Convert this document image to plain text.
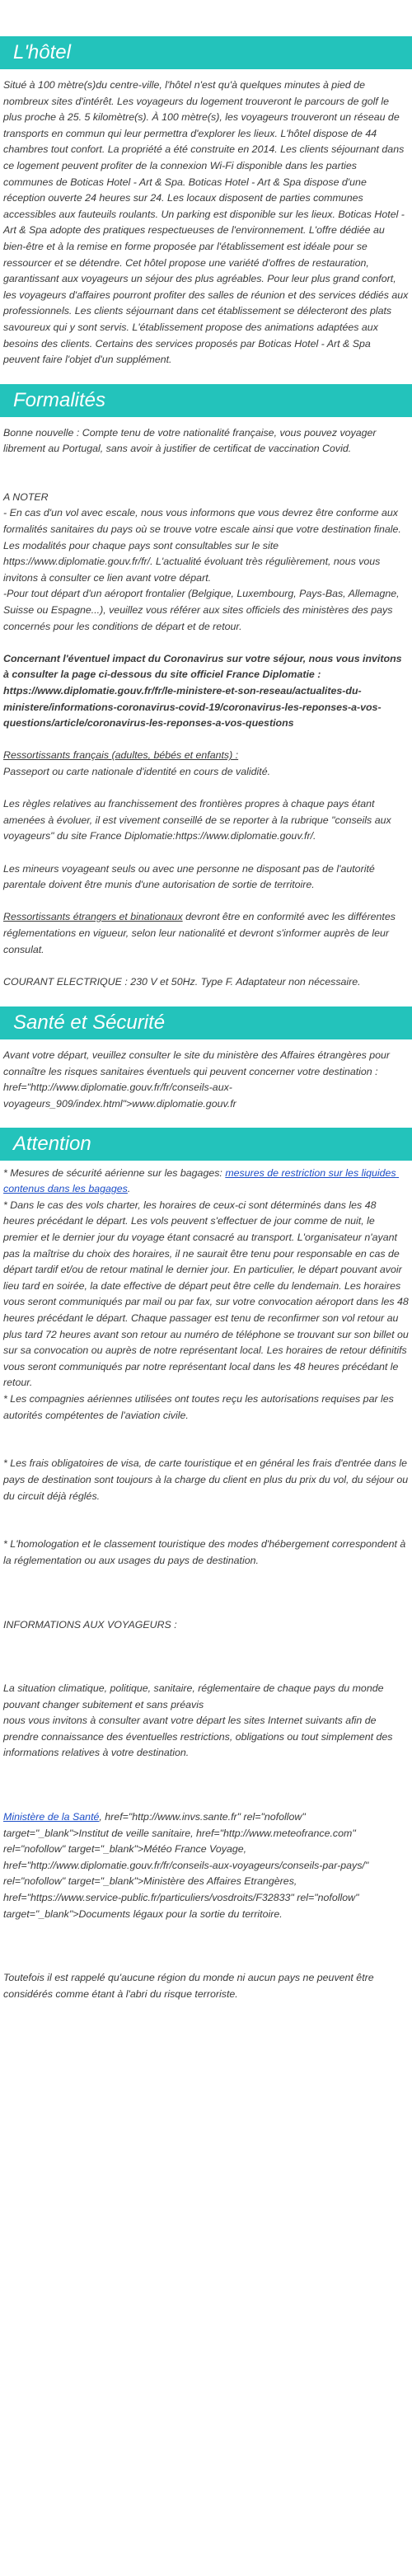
L'hôtel

Situé à 100 mètre(s)du centre-ville, l'hôtel n'est qu'à quelques minutes à pied de nombreux sites d'intérêt. Les voyageurs du logement trouveront le parcours de golf le plus proche à 25. 5 kilomètre(s). À 100 mètre(s), les voyageurs trouveront un réseau de transports en commun qui leur permettra d'explorer les lieux. L'hôtel dispose de 44 chambres tout confort. La propriété a été construite en 2014. Les clients séjournant dans ce logement peuvent profiter de la connexion Wi-Fi disponible dans les parties communes de Boticas Hotel - Art & Spa. Boticas Hotel - Art & Spa dispose d'une réception ouverte 24 heures sur 24. Les locaux disposent de parties communes accessibles aux fauteuils roulants. Un parking est disponible sur les lieux. Boticas Hotel - Art & Spa adopte des pratiques respectueuses de l'environnement. L'offre dédiée au bien-être et à la remise en forme proposée par l'établissement est idéale pour se ressourcer et se détendre. Cet hôtel propose une variété d'offres de restauration, garantissant aux voyageurs un séjour des plus agréables. Pour leur plus grand confort, les voyageurs d'affaires pourront profiter des salles de réunion et des services dédiés aux professionnels. Les clients séjournant dans cet établissement se délecteront des plats savoureux qui y sont servis. L'établissement propose des animations adaptées aux besoins des clients. Certains des services proposés par Boticas Hotel - Art & Spa peuvent faire l'objet d'un supplément.

Formalités

Bonne nouvelle : Compte tenu de votre nationalité française, vous pouvez voyager librement au Portugal, sans avoir à justifier de certificat de vaccination Covid.

A NOTER

- En cas d'un vol avec escale, nous vous informons que vous devrez être conforme aux formalités sanitaires du pays où se trouve votre escale ainsi que votre destination finale.
Les modalités pour chaque pays sont consultables sur le site https://www.diplomatie.gouv.fr/fr/. L'actualité évoluant très régulièrement, nous vous invitons à consulter ce lien avant votre départ.
-Pour tout départ d'un aéroport frontalier (Belgique, Luxembourg, Pays-Bas, Allemagne, Suisse ou Espagne...), veuillez vous référer aux sites officiels des ministères des pays concernés pour les conditions de départ et de retour.

Concernant l'éventuel impact du Coronavirus sur votre séjour, nous vous invitons à consulter la page ci-dessous du site officiel France Diplomatie : https://www.diplomatie.gouv.fr/fr/le-ministere-et-son-reseau/actualites-du-ministere/informations-coronavirus-covid-19/coronavirus-les-reponses-a-vos-questions/article/coronavirus-les-reponses-a-vos-questions

Ressortissants français (adultes, bébés et enfants) :

Passeport ou carte nationale d'identité en cours de validité.

Les règles relatives au franchissement des frontières propres à chaque pays étant amenées à évoluer, il est vivement conseillé de se reporter à la rubrique "conseils aux voyageurs" du site France Diplomatie:https://www.diplomatie.gouv.fr/.

Les mineurs voyageant seuls ou avec une personne ne disposant pas de l'autorité parentale doivent être munis d'une autorisation de sortie de territoire.

Ressortissants étrangers et binationaux devront être en conformité avec les différentes réglementations en vigueur, selon leur nationalité et devront s'informer auprès de leur consulat.

COURANT ELECTRIQUE : 230 V et 50Hz. Type F. Adaptateur non nécessaire.

Santé et Sécurité

Avant votre départ, veuillez consulter le site du ministère des Affaires étrangères pour connaître les risques sanitaires éventuels qui peuvent concerner votre destination : href="http://www.diplomatie.gouv.fr/fr/conseils-aux-voyageurs_909/index.html">www.diplomatie.gouv.fr

Attention

* Mesures de sécurité aérienne sur les bagages: mesures de restriction sur les liquides contenus dans les bagages.

* Dans le cas des vols charter, les horaires de ceux-ci sont déterminés dans les 48 heures précédant le départ. Les vols peuvent s'effectuer de jour comme de nuit, le premier et le dernier jour du voyage étant consacré au transport. L'organisateur n'ayant pas la maîtrise du choix des horaires, il ne saurait être tenu pour responsable en cas de départ tardif et/ou de retour matinal le dernier jour. En particulier, le départ pouvant avoir lieu tard en soirée, la date effective de départ peut être celle du lendemain. Les horaires vous seront communiqués par mail ou par fax, sur votre convocation aéroport dans les 48 heures précédant le départ. Chaque passager est tenu de reconfirmer son vol retour au plus tard 72 heures avant son retour au numéro de téléphone se trouvant sur son billet ou sur sa convocation ou auprès de notre représentant local. Les horaires de retour définitifs vous seront communiqués par notre représentant local dans les 48 heures précédant le retour.

* Les compagnies aériennes utilisées ont toutes reçu les autorisations requises par les autorités compétentes de l'aviation civile.

* Les frais obligatoires de visa, de carte touristique et en général les frais d'entrée dans le pays de destination sont toujours à la charge du client en plus du prix du vol, du séjour ou du circuit déjà réglés.

* L'homologation et le classement touristique des modes d'hébergement correspondent à la réglementation ou aux usages du pays de destination.

INFORMATIONS AUX VOYAGEURS :

La situation climatique, politique, sanitaire, réglementaire de chaque pays du monde pouvant changer subitement et sans préavis
nous vous invitons à consulter avant votre départ les sites Internet suivants afin de prendre connaissance des éventuelles restrictions, obligations ou tout simplement des informations relatives à votre destination.

Ministère de la Santé, href="http://www.invs.sante.fr" rel="nofollow" target="_blank">Institut de veille sanitaire, href="http://www.meteofrance.com" rel="nofollow" target="_blank">Météo France Voyage, href="http://www.diplomatie.gouv.fr/fr/conseils-aux-voyageurs/conseils-par-pays/" rel="nofollow" target="_blank">Ministère des Affaires Etrangères, href="https://www.service-public.fr/particuliers/vosdroits/F32833" rel="nofollow" target="_blank">Documents légaux pour la sortie du territoire.

Toutefois il est rappelé qu'aucune région du monde ni aucun pays ne peuvent être considérés comme étant à l'abri du risque terroriste.
